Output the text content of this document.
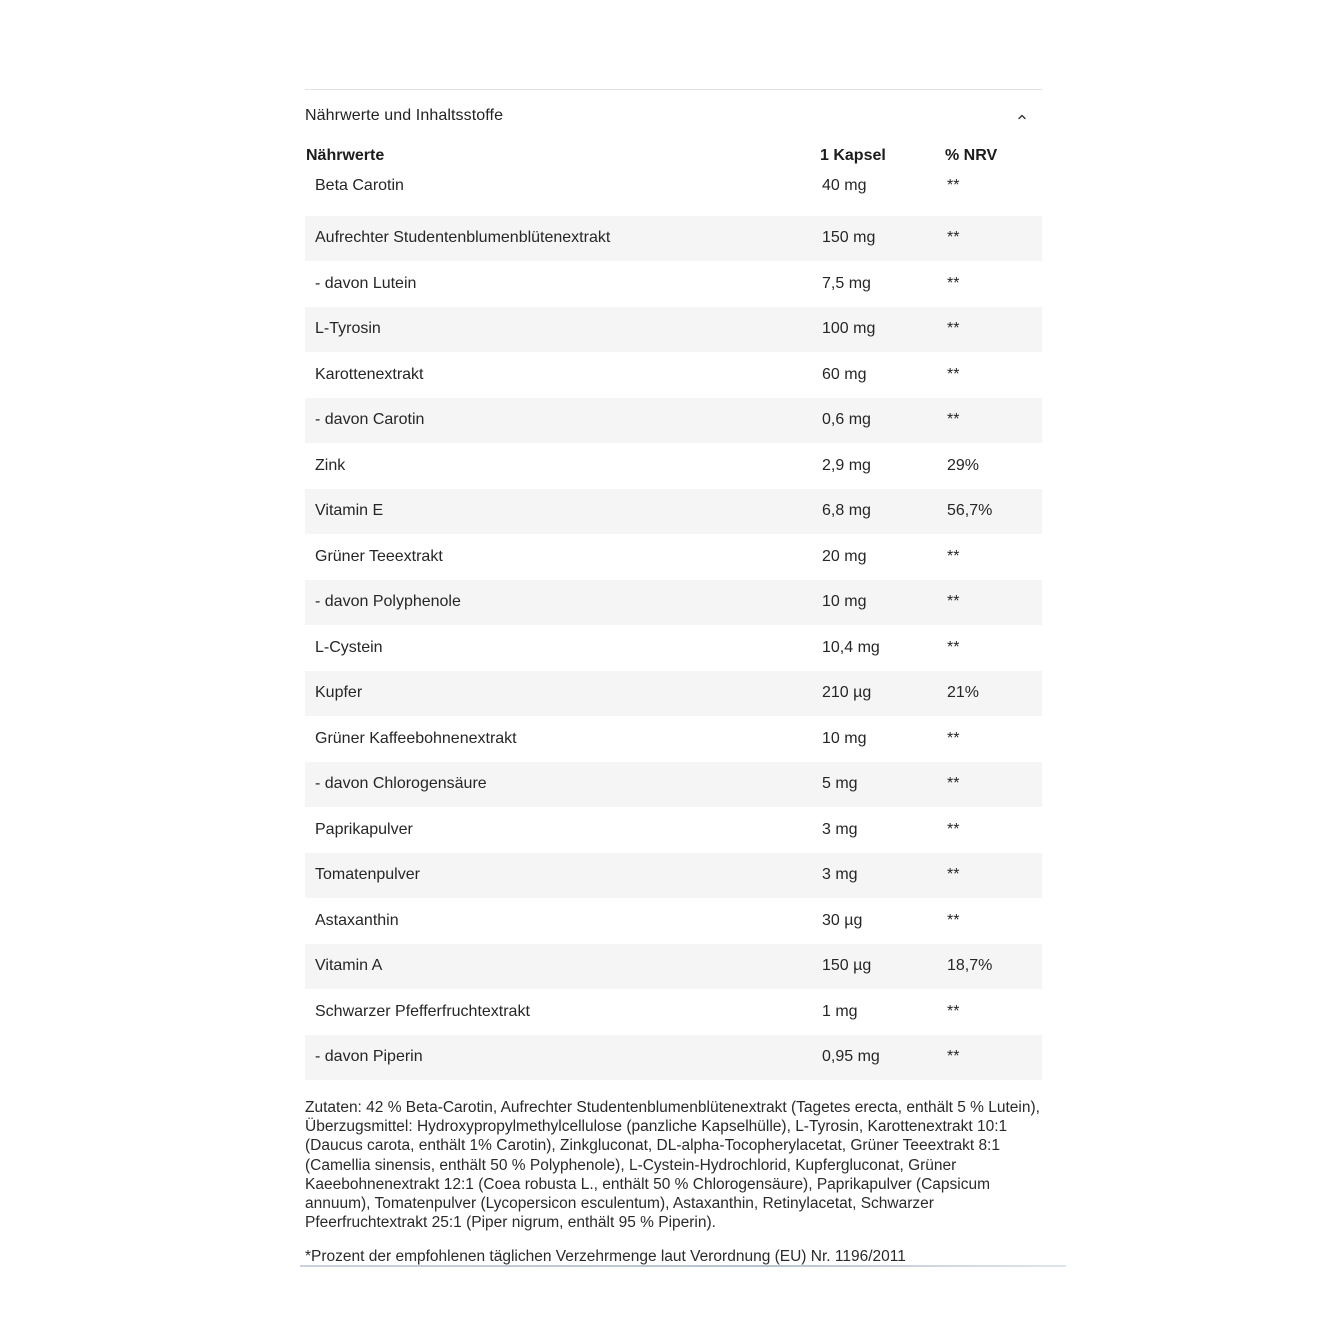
Nährwerte und Inhaltsstoffe
Nährwerte	1 Kapsel	% NRV
Beta Carotin	40 mg	**
Aufrechter Studentenblumenblütenextrakt	150 mg	**
- davon Lutein	7,5 mg	**
L-Tyrosin	100 mg	**
Karottenextrakt	60 mg	**
- davon Carotin	0,6 mg	**
Zink	2,9 mg	29%
Vitamin E	6,8 mg	56,7%
Grüner Teeextrakt	20 mg	**
- davon Polyphenole	10 mg	**
L-Cystein	10,4 mg	**
Kupfer	210 µg	21%
Grüner Kaffeebohnenextrakt	10 mg	**
- davon Chlorogensäure	5 mg	**
Paprikapulver	3 mg	**
Tomatenpulver	3 mg	**
Astaxanthin	30 µg	**
Vitamin A	150 µg	18,7%
Schwarzer Pfefferfruchtextrakt	1 mg	**
- davon Piperin	0,95 mg	**
Zutaten: 42 % Beta-Carotin, Aufrechter Studentenblumenblütenextrakt (Tagetes erecta, enthält 5 % Lutein), Überzugsmittel: Hydroxypropylmethylcellulose (panzliche Kapselhülle), L-Tyrosin, Karottenextrakt 10:1 (Daucus carota, enthält 1% Carotin), Zinkgluconat, DL-alpha-Tocopherylacetat, Grüner Teeextrakt 8:1 (Camellia sinensis, enthält 50 % Polyphenole), L-Cystein-Hydrochlorid, Kupfergluconat, Grüner Kaeebohnenextrakt 12:1 (Coea robusta L., enthält 50 % Chlorogensäure), Paprikapulver (Capsicum annuum), Tomatenpulver (Lycopersicon esculentum), Astaxanthin, Retinylacetat, Schwarzer Pfeerfruchtextrakt 25:1 (Piper nigrum, enthält 95 % Piperin).
*Prozent der empfohlenen täglichen Verzehrmenge laut Verordnung (EU) Nr. 1196/2011
